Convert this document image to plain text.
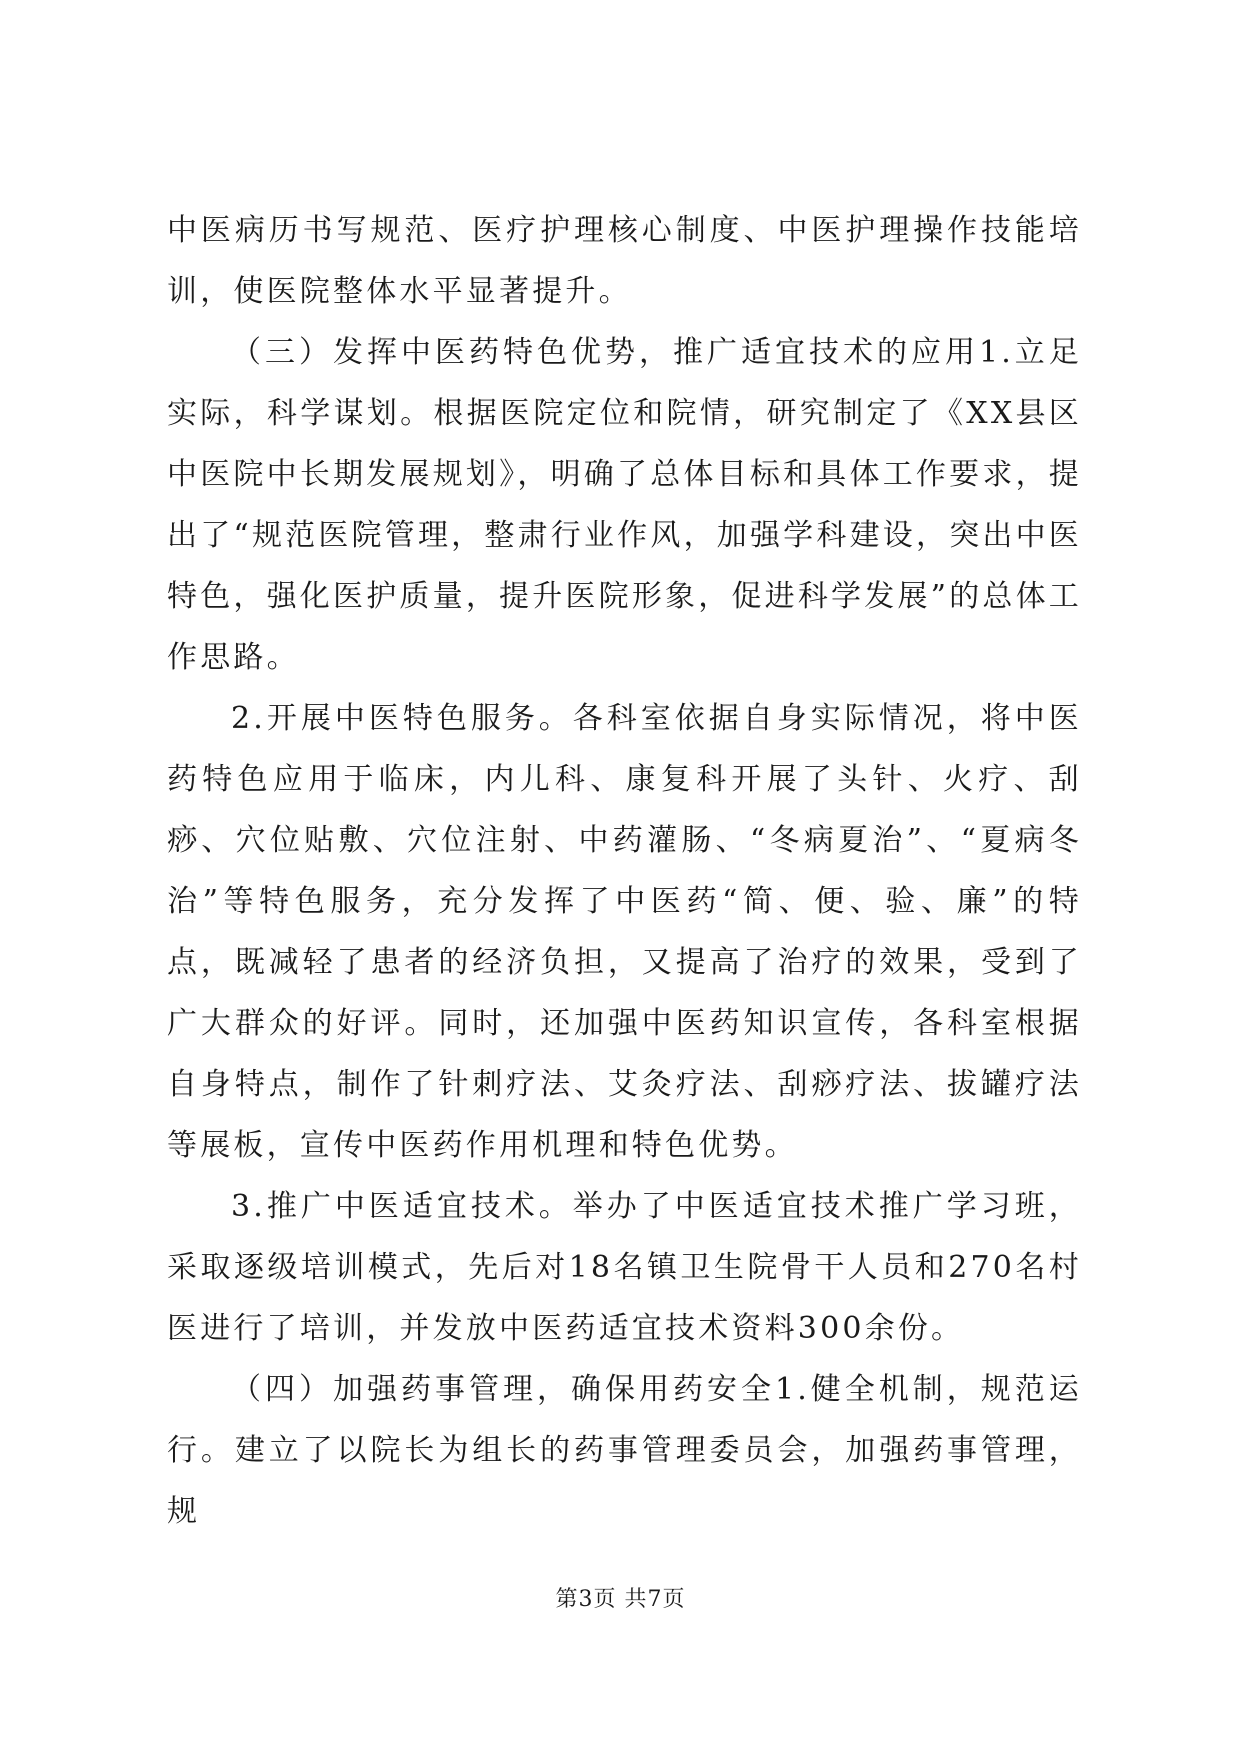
中医病历书写规范、医疗护理核心制度、中医护理操作技能培训，使医院整体水平显著提升。

（三）发挥中医药特色优势，推广适宜技术的应用1.立足实际，科学谋划。根据医院定位和院情，研究制定了《XX县区中医院中长期发展规划》，明确了总体目标和具体工作要求，提出了“规范医院管理，整肃行业作风，加强学科建设，突出中医特色，强化医护质量，提升医院形象，促进科学发展”的总体工作思路。

2.开展中医特色服务。各科室依据自身实际情况，将中医药特色应用于临床，内儿科、康复科开展了头针、火疗、刮痧、穴位贴敷、穴位注射、中药灌肠、“冬病夏治”、“夏病冬治”等特色服务，充分发挥了中医药“简、便、验、廉”的特点，既减轻了患者的经济负担，又提高了治疗的效果，受到了广大群众的好评。同时，还加强中医药知识宣传，各科室根据自身特点，制作了针刺疗法、艾灸疗法、刮痧疗法、拔罐疗法等展板，宣传中医药作用机理和特色优势。

3.推广中医适宜技术。举办了中医适宜技术推广学习班，采取逐级培训模式，先后对18名镇卫生院骨干人员和270名村医进行了培训，并发放中医药适宜技术资料300余份。

（四）加强药事管理，确保用药安全1.健全机制，规范运行。建立了以院长为组长的药事管理委员会，加强药事管理，规

第3页 共7页
